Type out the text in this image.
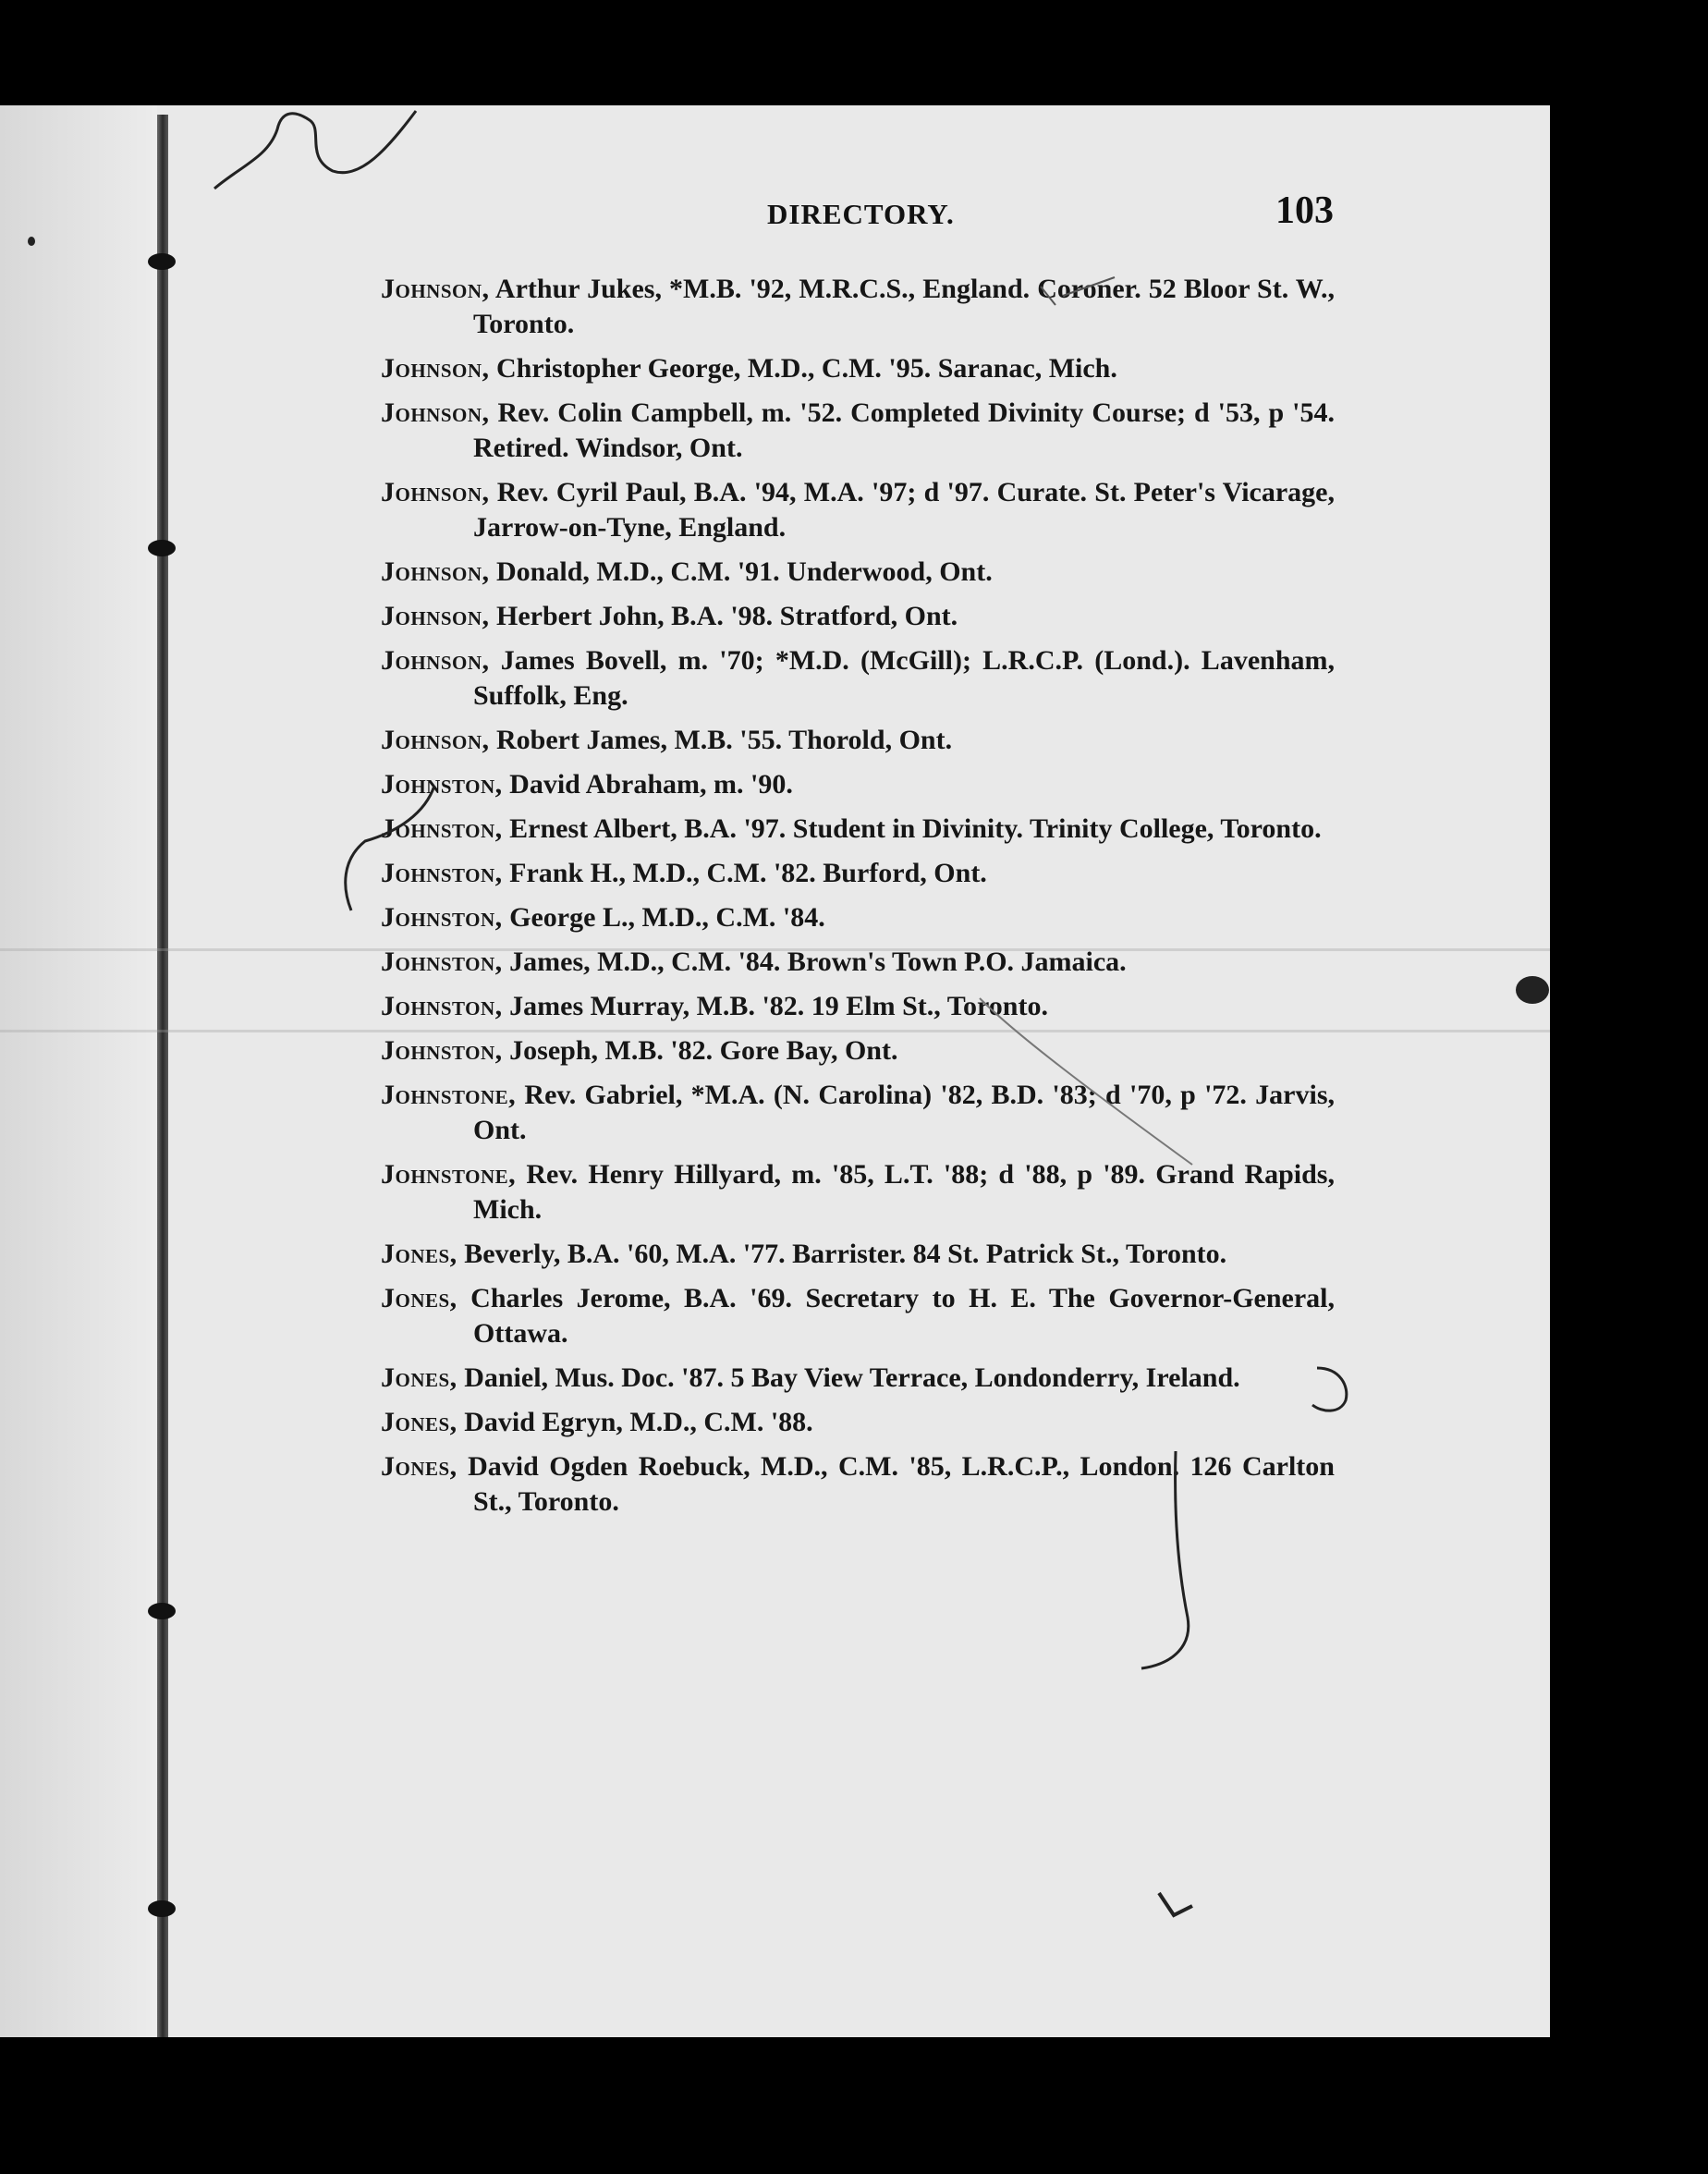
DIRECTORY.	103

Johnson, Arthur Jukes, *M.B. '92, M.R.C.S., England. Coroner. 52 Bloor St. W., Toronto.

Johnson, Christopher George, M.D., C.M. '95. Saranac, Mich.

Johnson, Rev. Colin Campbell, m. '52. Completed Divinity Course; d '53, p '54. Retired. Windsor, Ont.

Johnson, Rev. Cyril Paul, B.A. '94, M.A. '97; d '97. Curate. St. Peter's Vicarage, Jarrow-on-Tyne, England.

Johnson, Donald, M.D., C.M. '91. Underwood, Ont.

Johnson, Herbert John, B.A. '98. Stratford, Ont.

Johnson, James Bovell, m. '70; *M.D. (McGill); L.R.C.P. (Lond.). Lavenham, Suffolk, Eng.

Johnson, Robert James, M.B. '55. Thorold, Ont.

Johnston, David Abraham, m. '90.

Johnston, Ernest Albert, B.A. '97. Student in Divinity. Trinity College, Toronto.

Johnston, Frank H., M.D., C.M. '82. Burford, Ont.

Johnston, George L., M.D., C.M. '84.

Johnston, James, M.D., C.M. '84. Brown's Town P.O. Jamaica.

Johnston, James Murray, M.B. '82. 19 Elm St., Toronto.

Johnston, Joseph, M.B. '82. Gore Bay, Ont.

Johnstone, Rev. Gabriel, *M.A. (N. Carolina) '82, B.D. '83; d '70, p '72. Jarvis, Ont.

Johnstone, Rev. Henry Hillyard, m. '85, L.T. '88; d '88, p '89. Grand Rapids, Mich.

Jones, Beverly, B.A. '60, M.A. '77. Barrister. 84 St. Patrick St., Toronto.

Jones, Charles Jerome, B.A. '69. Secretary to H. E. The Governor-General, Ottawa.

Jones, Daniel, Mus. Doc. '87. 5 Bay View Terrace, Londonderry, Ireland.

Jones, David Egryn, M.D., C.M. '88.

Jones, David Ogden Roebuck, M.D., C.M. '85, L.R.C.P., London. 126 Carlton St., Toronto.
